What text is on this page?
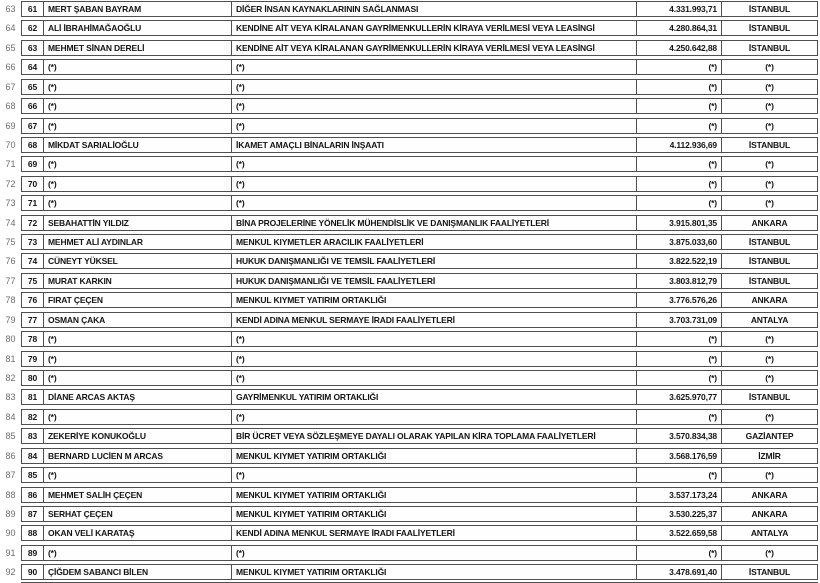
63	61	MERT ŞABAN BAYRAM	DİĞER İNSAN KAYNAKLARININ SAĞLANMASI	4.331.993,71	İSTANBUL
64	62	ALİ İBRAHİMAĞAOĞLU	KENDİNE AİT VEYA KİRALANAN GAYRİMENKULLERİN KİRAYA VERİLMESİ VEYA LEASİNGİ	4.280.864,31	İSTANBUL
65	63	MEHMET SİNAN DERELİ	KENDİNE AİT VEYA KİRALANAN GAYRİMENKULLERİN KİRAYA VERİLMESİ VEYA LEASİNGİ	4.250.642,88	İSTANBUL
66	64	(*)	(*)	(*)	(*)
67	65	(*)	(*)	(*)	(*)
68	66	(*)	(*)	(*)	(*)
69	67	(*)	(*)	(*)	(*)
70	68	MİKDAT SARIALİOĞLU	İKAMET AMAÇLI BİNALARIN İNŞAATI	4.112.936,69	İSTANBUL
71	69	(*)	(*)	(*)	(*)
72	70	(*)	(*)	(*)	(*)
73	71	(*)	(*)	(*)	(*)
74	72	SEBAHATTİN YILDIZ	BİNA PROJELERİNE YÖNELİK MÜHENDİSLİK VE DANIŞMANLIK FAALİYETLERİ	3.915.801,35	ANKARA
75	73	MEHMET ALİ AYDINLAR	MENKUL KIYMETLER ARACILIK FAALİYETLERİ	3.875.033,60	İSTANBUL
76	74	CÜNEYT YÜKSEL	HUKUK DANIŞMANLIĞI VE TEMSİL FAALİYETLERİ	3.822.522,19	İSTANBUL
77	75	MURAT KARKIN	HUKUK DANIŞMANLIĞI VE TEMSİL FAALİYETLERİ	3.803.812,79	İSTANBUL
78	76	FIRAT ÇEÇEN	MENKUL KIYMET YATIRIM ORTAKLIĞI	3.776.576,26	ANKARA
79	77	OSMAN ÇAKA	KENDİ ADINA MENKUL SERMAYE İRADI FAALİYETLERİ	3.703.731,09	ANTALYA
80	78	(*)	(*)	(*)	(*)
81	79	(*)	(*)	(*)	(*)
82	80	(*)	(*)	(*)	(*)
83	81	DİANE ARCAS AKTAŞ	GAYRİMENKUL YATIRIM ORTAKLIĞI	3.625.970,77	İSTANBUL
84	82	(*)	(*)	(*)	(*)
85	83	ZEKERİYE KONUKOĞLU	BİR ÜCRET VEYA SÖZLEŞMEYE DAYALI OLARAK YAPILAN KİRA TOPLAMA FAALİYETLERİ	3.570.834,38	GAZİANTEP
86	84	BERNARD LUCİEN M ARCAS	MENKUL KIYMET YATIRIM ORTAKLIĞI	3.568.176,59	İZMİR
87	85	(*)	(*)	(*)	(*)
88	86	MEHMET SALİH ÇEÇEN	MENKUL KIYMET YATIRIM ORTAKLIĞI	3.537.173,24	ANKARA
89	87	SERHAT ÇEÇEN	MENKUL KIYMET YATIRIM ORTAKLIĞI	3.530.225,37	ANKARA
90	88	OKAN VELİ KARATAŞ	KENDİ ADINA MENKUL SERMAYE İRADI FAALİYETLERİ	3.522.659,58	ANTALYA
91	89	(*)	(*)	(*)	(*)
92	90	ÇİĞDEM SABANCI BİLEN	MENKUL KIYMET YATIRIM ORTAKLIĞI	3.478.691,40	İSTANBUL
